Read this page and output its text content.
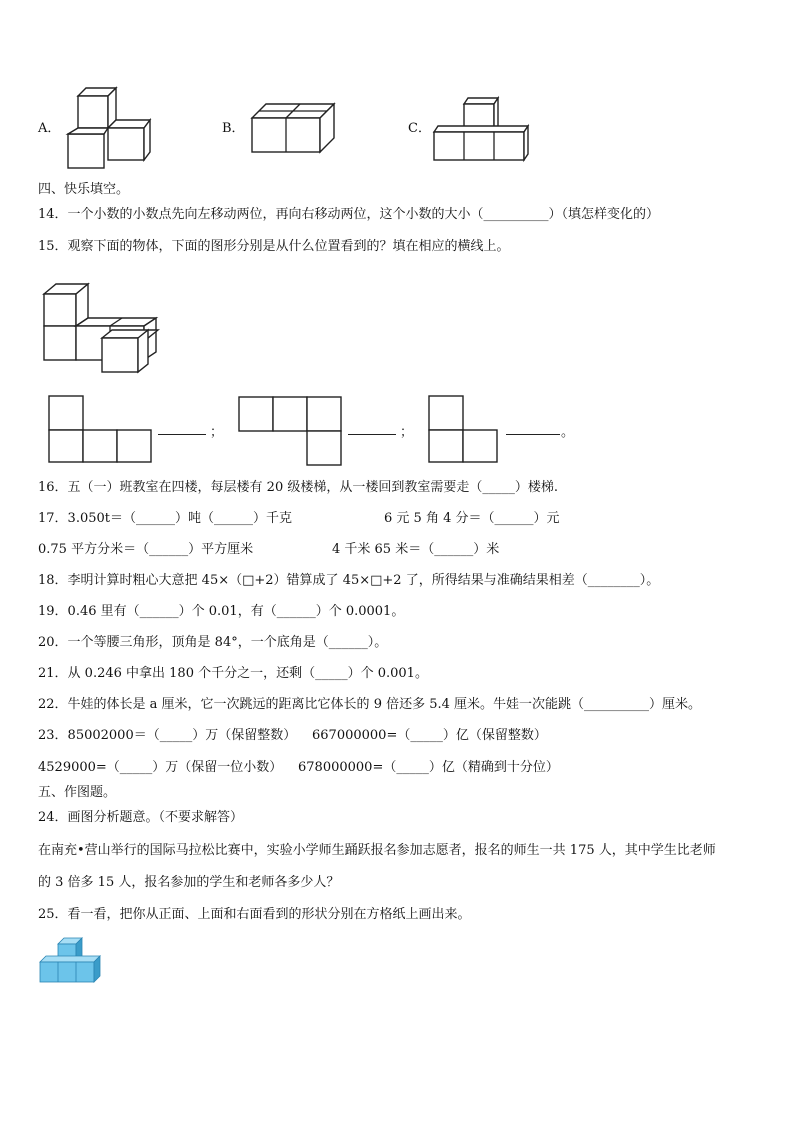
A．	B．	C．
四、快乐填空。
14．一个小数的小数点先向左移动两位，再向右移动两位，这个小数的大小（__________）（填怎样变化的）
15．观察下面的物体，下面的图形分别是从什么位置看到的？填在相应的横线上。
；	；	。
16．五（一）班教室在四楼，每层楼有 20 级楼梯，从一楼回到教室需要走（_____）楼梯.
17．3.050t＝（______）吨（______）千克	6 元 5 角 4 分＝（______）元
0.75 平方分米＝（______）平方厘米	4 千米 65 米＝（______）米
18．李明计算时粗心大意把 45×（□+2）错算成了 45×□+2 了，所得结果与准确结果相差（________）。
19．0.46 里有（______）个 0.01，有（______）个 0.0001。
20．一个等腰三角形，顶角是 84°，一个底角是（______）。
21．从 0.246 中拿出 180 个千分之一，还剩（_____）个 0.001。
22．牛娃的体长是 a 厘米，它一次跳远的距离比它体长的 9 倍还多 5.4 厘米。牛娃一次能跳（__________）厘米。
23．85002000＝（_____）万（保留整数） 667000000=（_____）亿（保留整数）
4529000=（_____）万（保留一位小数） 678000000=（_____）亿（精确到十分位）
五、作图题。
24．画图分析题意。（不要求解答）
在南充•营山举行的国际马拉松比赛中，实验小学师生踊跃报名参加志愿者，报名的师生一共 175 人，其中学生比老师
的 3 倍多 15 人，报名参加的学生和老师各多少人？
25．看一看，把你从正面、上面和右面看到的形状分别在方格纸上画出来。
